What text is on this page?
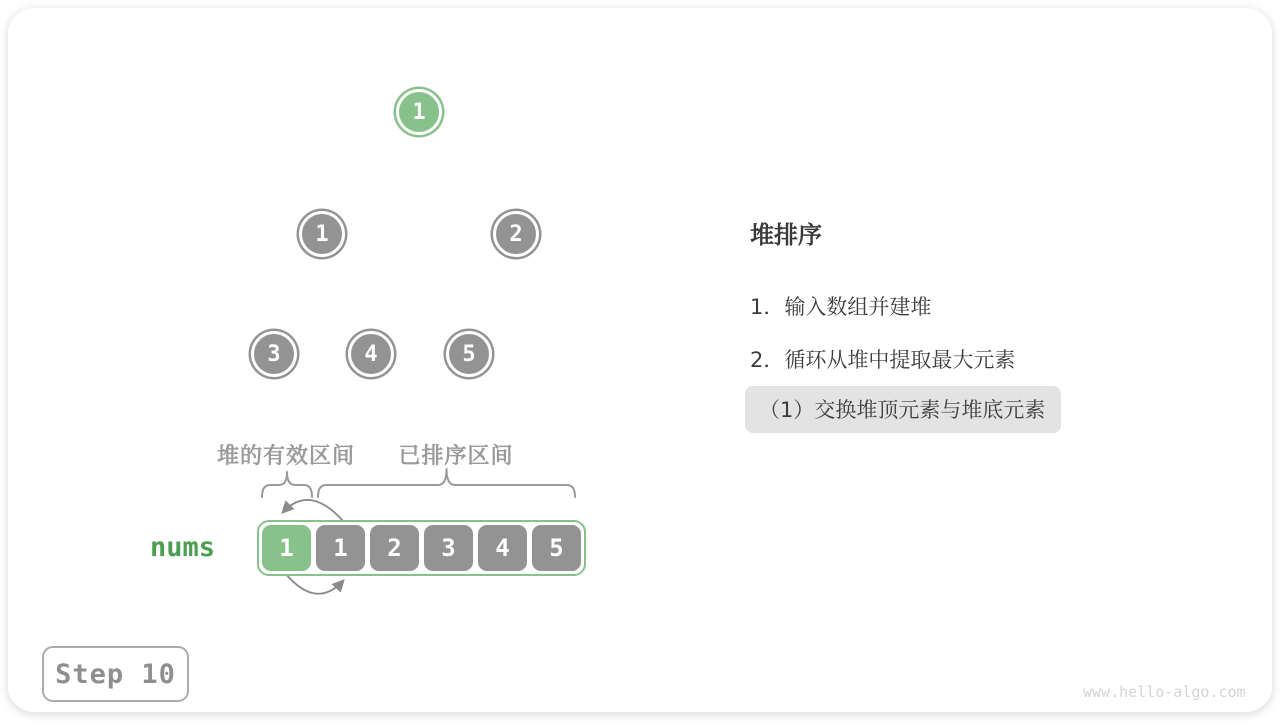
1
1	2
3	4	5
堆的有效区间	已排序区间
nums	1	1	2	3	4	5
堆排序

1．输入数组并建堆

2．循环从堆中提取最大元素

（1）交换堆顶元素与堆底元素
Step 10
www.hello-algo.com
